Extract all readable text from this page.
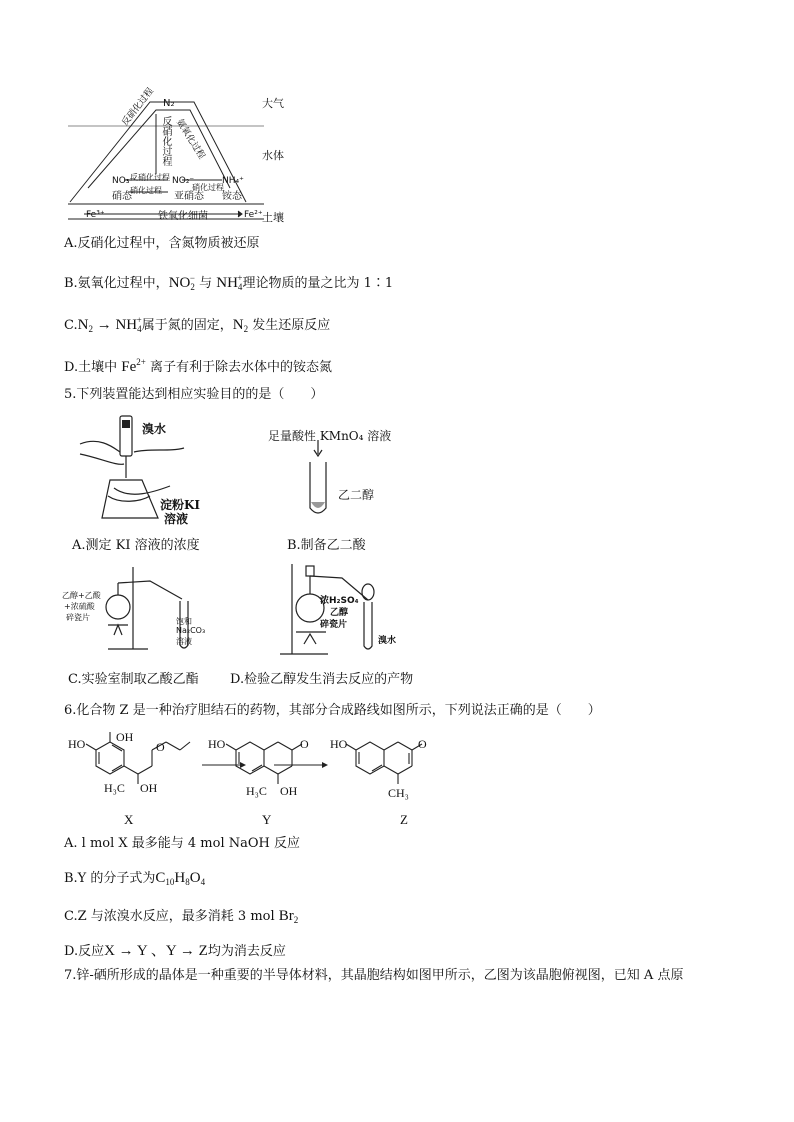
N₂	大气
水体
土壤
反硝化过程
反硝化过程 氨氧化过程
NO₃⁻
硝态
反硝化过程
硝化过程
NO₂⁻
亚硝态
硝化过程
NH₄⁺
铵态
Fe³⁺	铁氧化细菌	Fe²⁺
A.反硝化过程中，含氮物质被还原
B.氨氧化过程中，$NO_2^-$ 与 $NH_4^+$理论物质的量之比为 1∶1
$C.N_2 \to NH_4^+$属于氮的固定，$N_2$ 发生还原反应
D.土壤中 $Fe^{2+}$ 离子有利于除去水体中的铵态氮
5.下列装置能达到相应实验目的的是（　　）
溴水
淀粉KI
溶液
足量酸性 KMnO₄ 溶液
乙二醇
A.测定 KI 溶液的浓度	B.制备乙二酸
乙醇+乙酸
+浓硫酸
碎瓷片	饱和
Na₂CO₃
溶液
浓H₂SO₄
乙醇
碎瓷片
溴水
C.实验室制取乙酸乙酯 D.检验乙醇发生消去反应的产物
6.化合物 Z 是一种治疗胆结石的药物，其部分合成路线如图所示，下列说法正确的是（　　）
HO	OH
O
H₃C OH
HO	O
H₃C OH
HO	O
CH₃
X	Y	Z
A. l mol X 最多能与 4 mol NaOH 反应
B.Y 的分子式为$C_{10}H_8O_4$
C.Z 与浓溴水反应，最多消耗 3 mol $Br_2$
D.反应X → Y 、Y → Z均为消去反应
7.锌-硒所形成的晶体是一种重要的半导体材料，其晶胞结构如图甲所示，乙图为该晶胞俯视图，已知 A 点原
